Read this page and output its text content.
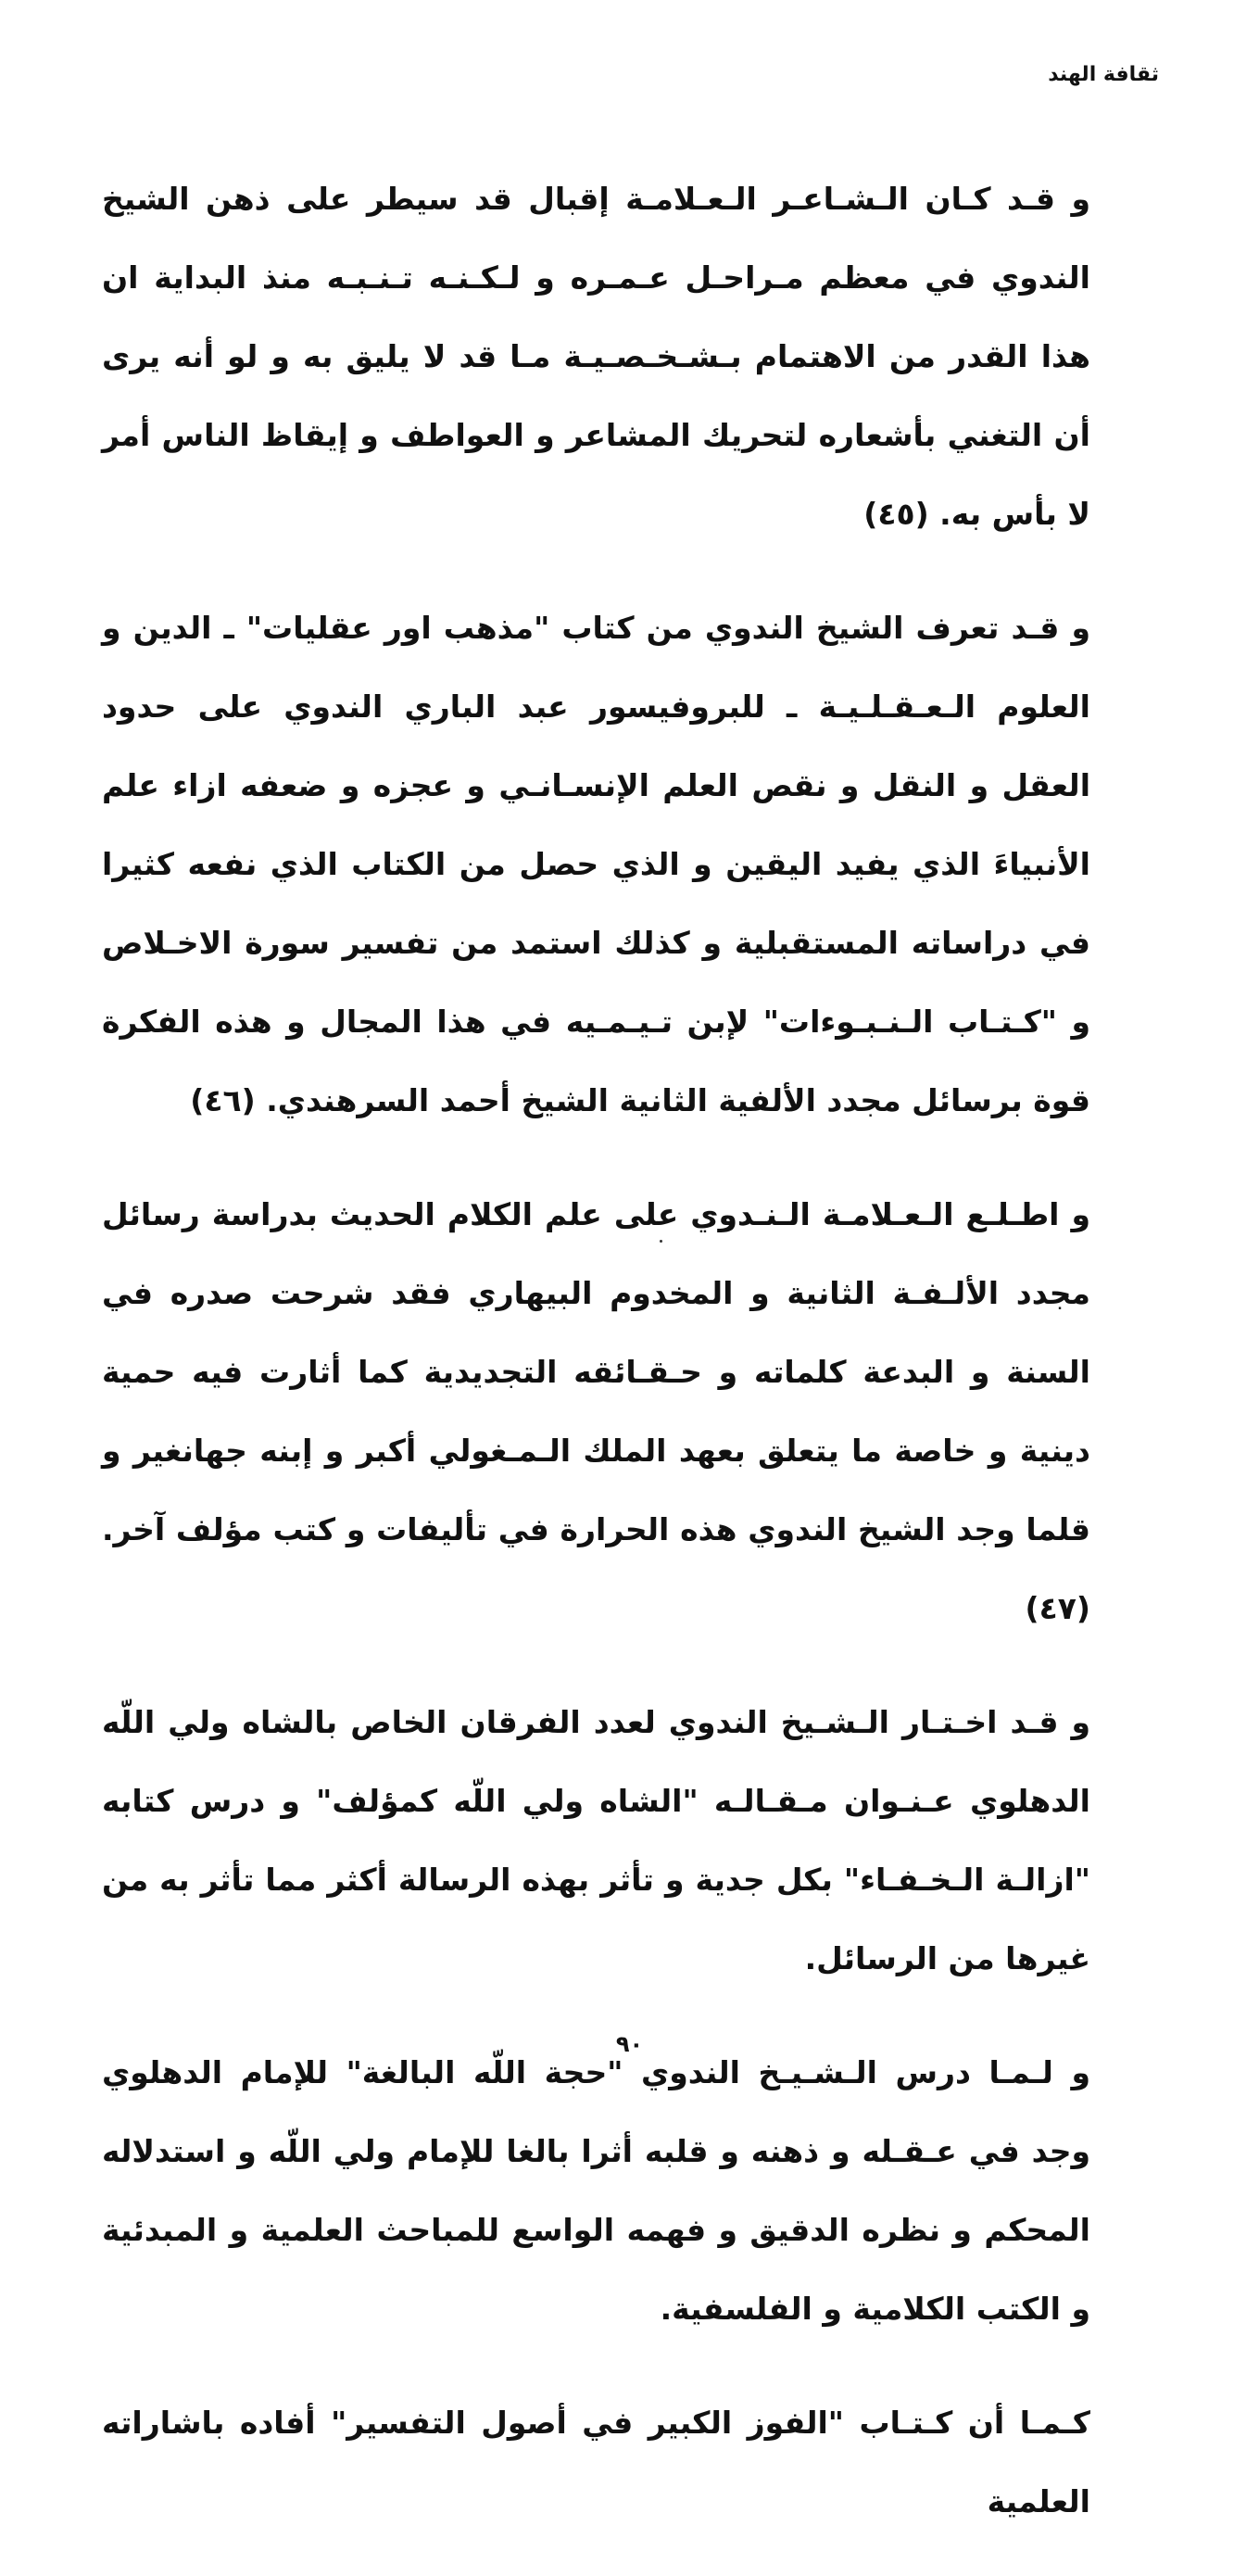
ثقافة الهند

و قـد كـان الـشـاعـر الـعـلامـة إقبال قد سيطر على ذهن الشيخ الندوي في معظم مـراحـل عـمـره و لـكـنـه تـنـبـه منذ البداية ان هذا القدر من الاهتمام بـشـخـصـيـة مـا قد لا يليق به و لو أنه يرى أن التغني بأشعاره لتحريك المشاعر و العواطف و إيقاظ الناس أمر لا بأس به. (٤٥)

و قـد تعرف الشيخ الندوي من كتاب "مذهب اور عقليات" ـ الدين و العلوم الـعـقـلـيـة ـ للبروفيسور عبد الباري الندوي على حدود العقل و النقل و نقص العلم الإنسـانـي و عجزه و ضعفه ازاء علم الأنبياءَ الذي يفيد اليقين و الذي حصل من الكتاب الذي نفعه كثيرا في دراساته المستقبلية و كذلك استمد من تفسير سورة الاخـلاص و "كـتـاب الـنـبـوءات" لإبن تـيـمـيه في هذا المجال و هذه الفكرة قوة برسائل مجدد الألفية الثانية الشيخ أحمد السرهندي. (٤٦)

و اطـلـع الـعـلامـة الـنـدوي على علم الكلام الحديث بدراسة رسائل مجدد الألـفـة الثانية و المخدوم البيهاري فقد شرحت صدره في السنة و البدعة كلماته و حـقـائقه التجديدية كما أثارت فيه حمية دينية و خاصة ما يتعلق بعهد الملك الـمـغولي أكبر و إبنه جهانغير و قلما وجد الشيخ الندوي هذه الحرارة في تأليفات و كتب مؤلف آخر.(٤٧)

و قـد اخـتـار الـشـيخ الندوي لعدد الفرقان الخاص بالشاه ولي اللّه الدهلوي عـنـوان مـقـالـه "الشاه ولي اللّه كمؤلف" و درس كتابه "ازالـة الـخـفـاء" بكل جدية و تأثر بهذه الرسالة أكثر مما تأثر به من غيرها من الرسائل.

و لـمـا درس الـشـيـخ الندوي "حجة اللّه البالغة" للإمام الدهلوي وجد في عـقـله و ذهنه و قلبه أثرا بالغا للإمام ولي اللّه و استدلاله المحكم و نظره الدقيق و فهمه الواسع للمباحث العلمية و المبدئية و الكتب الكلامية و الفلسفية.

كـمـا أن كـتـاب "الفوز الكبير في أصول التفسير" أفاده باشاراته العلمية

٩٠
